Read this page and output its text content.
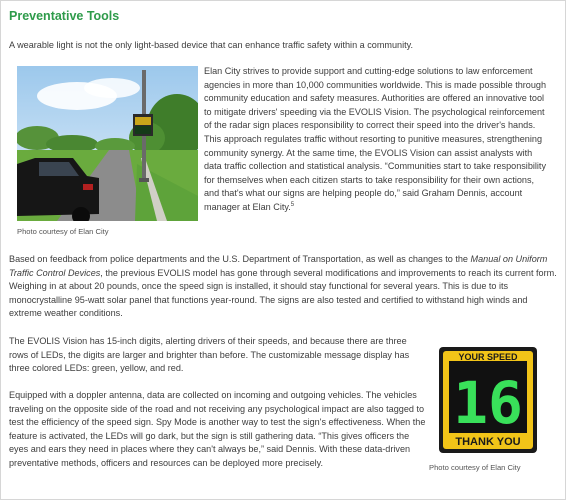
Preventative Tools

A wearable light is not the only light-based device that can enhance traffic safety within a community.

Photo courtesy of Elan City

Elan City strives to provide support and cutting-edge solutions to law enforcement agencies in more than 10,000 communities worldwide. This is made possible through community education and safety measures. Authorities are offered an innovative tool to mitigate drivers' speeding via the EVOLIS Vision. The psychological reinforcement of the radar sign places responsibility to correct their speed into the driver's hands. This approach regulates traffic without resorting to punitive measures, strengthening community synergy. At the same time, the EVOLIS Vision can assist analysts with data traffic collection and statistical analysis. “Communities start to take responsibility for themselves when each citizen starts to take responsibility for their own actions, and that's what our signs are helping people do,” said Graham Dennis, account manager at Elan City.$^5$

Based on feedback from police departments and the U.S. Department of Transportation, as well as changes to the Manual on Uniform Traffic Control Devices, the previous EVOLIS model has gone through several modifications and improvements to reach its current form. Weighing in at about 20 pounds, once the speed sign is installed, it should stay functional for several years. This is due to its monocrystalline 95-watt solar panel that functions year-round. The signs are also tested and certified to withstand high winds and extreme weather conditions.

The EVOLIS Vision has 15-inch digits, alerting drivers of their speeds, and because there are three rows of LEDs, the digits are larger and brighter than before. The customizable message display has three colored LEDs: green, yellow, and red.

Equipped with a doppler antenna, data are collected on incoming and outgoing vehicles. The vehicles traveling on the opposite side of the road and not receiving any psychological impact are also tagged to test the efficiency of the speed sign. Spy Mode is another way to test the sign's effectiveness. When the feature is activated, the LEDs will go dark, but the sign is still gathering data. “This gives officers the eyes and ears they need in places where they can't always be,” said Dennis. With these data-driven preventative methods, officers and resources can be deployed more precisely.

YOUR SPEED
16
THANK YOU
Photo courtesy of Elan City
